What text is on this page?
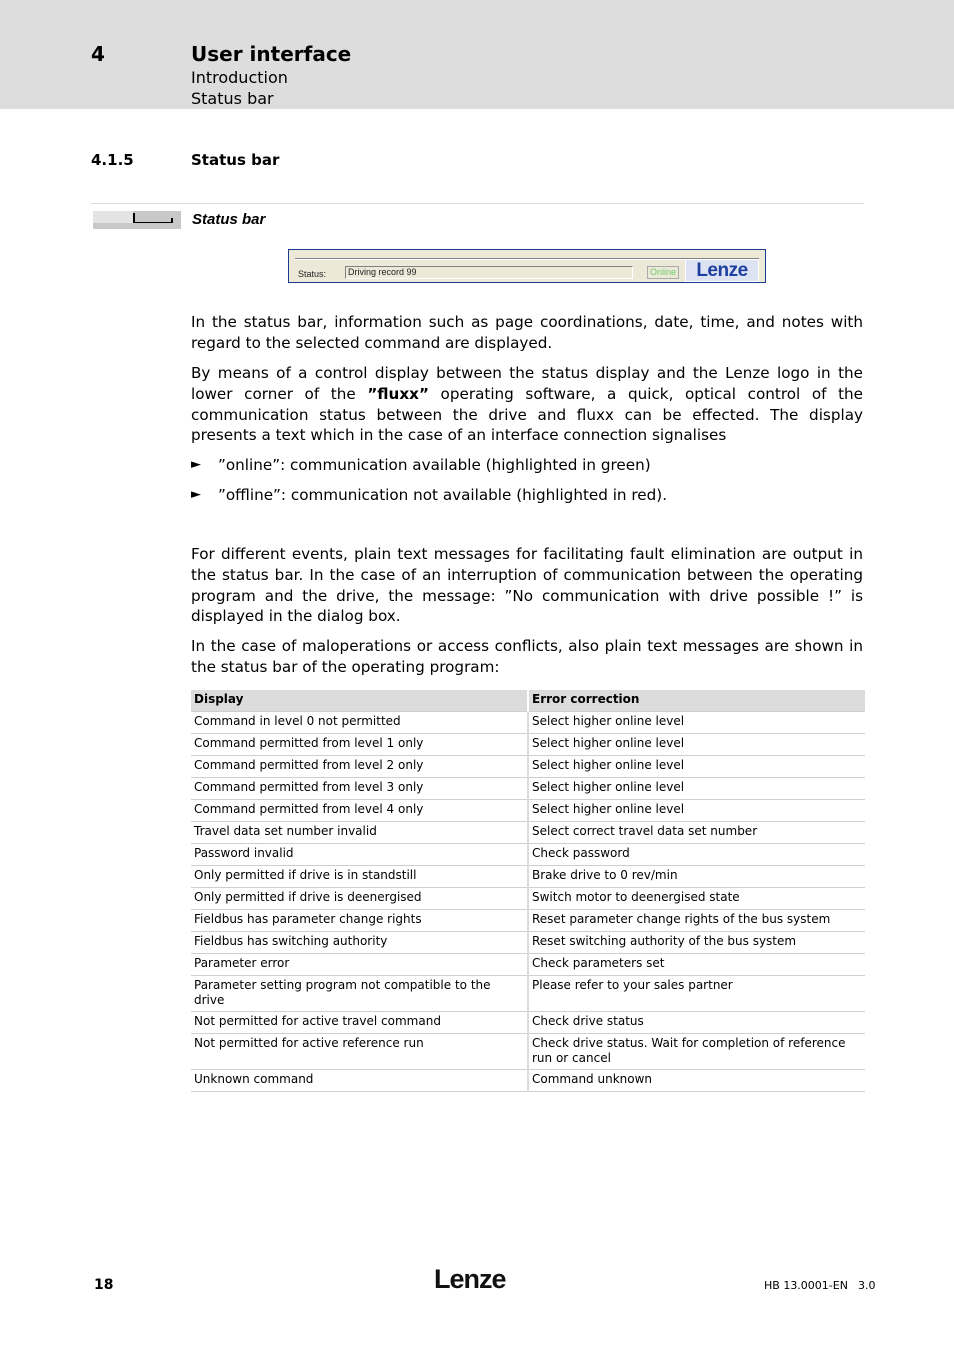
4	User interface
Introduction
Status bar
4.1.5	Status bar
Status bar
Status:	Driving record 99	Online	Lenze

In the status bar, information such as page coordinations, date, time, and notes with regard to the selected command are displayed.

By means of a control display between the status display and the Lenze logo in the lower corner of the ”fluxx” operating software, a quick, optical control of the communication status between the drive and fluxx can be effected. The display presents a text which in the case of an interface connection signalises

► ”online”: communication available (highlighted in green)
► ”offline”: communication not available (highlighted in red).

For different events, plain text messages for facilitating fault elimination are output in the status bar. In the case of an interruption of communication between the operating program and the drive, the message: ”No communication with drive possible !” is displayed in the dialog box.

In the case of maloperations or access conflicts, also plain text messages are shown in the status bar of the operating program:

Display	Error correction
Command in level 0 not permitted	Select higher online level
Command permitted from level 1 only	Select higher online level
Command permitted from level 2 only	Select higher online level
Command permitted from level 3 only	Select higher online level
Command permitted from level 4 only	Select higher online level
Travel data set number invalid	Select correct travel data set number
Password invalid	Check password
Only permitted if drive is in standstill	Brake drive to 0 rev/min
Only permitted if drive is deenergised	Switch motor to deenergised state
Fieldbus has parameter change rights	Reset parameter change rights of the bus system
Fieldbus has switching authority	Reset switching authority of the bus system
Parameter error	Check parameters set
Parameter setting program not compatible to the drive	Please refer to your sales partner
Not permitted for active travel command	Check drive status
Not permitted for active reference run	Check drive status. Wait for completion of reference run or cancel
Unknown command	Command unknown
18	Lenze	HB 13.0001-EN 3.0
